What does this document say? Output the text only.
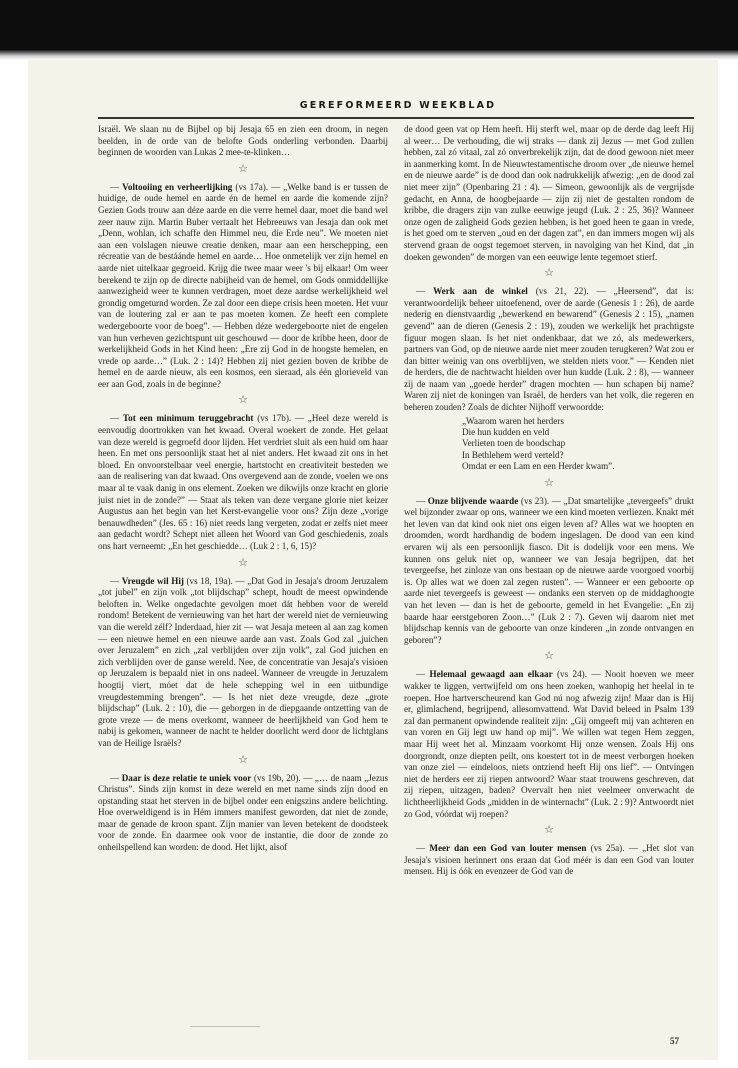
GEREFORMEERD WEEKBLAD

Israël. We slaan nu de Bijbel op bij Jesaja 65 en zien een droom, in negen beelden, in de orde van de belofte Gods onderling verbonden. Daarbij beginnen de woorden van Lukas 2 mee-te-klinken…

☆

— Voltooiing en verheerlijking (vs 17a). — „Welke band is er tussen de huidige, de oude hemel en aarde én de hemel en aarde die komende zijn? Gezien Gods trouw aan déze aarde en die verre hemel daar, moet die band wel zeer nauw zijn. Martin Buber vertaalt het Hebreeuws van Jesaja dan ook met „Denn, wohlan, ich schaffe den Himmel neu, die Erde neu”. We moeten niet aan een volslagen nieuwe creatie denken, maar aan een herschepping, een récreatie van de bestáánde hemel en aarde… Hoe onmetelijk ver zijn hemel en aarde niet uitelkaar gegroeid. Krijg die twee maar weer 's bij elkaar! Om weer berekend te zijn op de directe nabijheid van de hemel, om Gods onmiddellijke aanwezigheid weer te kunnen verdragen, moet deze aardse werkelijkheid wel grondig omgeturnd worden. Ze zal door een diepe crisis heen moeten. Het vuur van de loutering zal er aan te pas moeten komen. Ze heeft een complete wedergeboorte voor de boeg”. — Hebben déze wedergeboorte niet de engelen van hun verheven gezichtspunt uit geschouwd — door de kribbe heen, door de werkelijkheid Gods in het Kind heen: „Ere zij God in de hoogste hemelen, en vrede op aarde…” (Luk. 2 : 14)? Hebben zij niet gezien boven de kribbe de hemel en de aarde nieuw, als een kosmos, een sieraad, als één glorieveld van eer aan God, zoals in de beginne?

☆

— Tot een minimum teruggebracht (vs 17b). — „Heel deze wereld is eenvoudig doortrokken van het kwaad. Overal woekert de zonde. Het gelaat van deze wereld is gegroefd door lijden. Het verdriet sluit als een huid om haar heen. En met ons persoonlijk staat het al niet anders. Het kwaad zit ons in het bloed. En onvoorstelbaar veel energie, hartstocht en creativiteit besteden we aan de realisering van dat kwaad. Ons overgevend aan de zonde, voelen we ons maar al te vaak danig in ons element. Zoeken we dikwijls onze kracht en glorie juist niet in de zonde?” — Staat als teken van deze vergane glorie niet keizer Augustus aan het begin van het Kerst-evangelie voor ons? Zijn deze „vorige benauwdheden” (Jes. 65 : 16) niet reeds lang vergeten, zodat er zelfs niet meer aan gedacht wordt? Schept niet alleen het Woord van God geschiedenis, zoals ons hart verneemt: „En het geschiedde… (Luk 2 : 1, 6, 15)?

☆

— Vreugde wil Hij (vs 18, 19a). — „Dat God in Jesaja's droom Jeruzalem „tot jubel” en zijn volk „tot blijdschap” schept, houdt de meest opwindende beloften in. Welke ongedachte gevolgen moet dát hebben voor de wereld rondom! Betekent de vernieuwing van het hart der wereld niet de vernieuwing van die wereld zélf? Inderdaad, hier zit — wat Jesaja meteen al aan zag komen — een nieuwe hemel en een nieuwe aarde aan vast. Zoals God zal „juichen over Jeruzalem” en zich „zal verblijden over zijn volk”, zal God juichen en zich verblijden over de ganse wereld. Nee, de concentratie van Jesaja's visioen op Jeruzalem is bepaald niet in ons nadeel. Wanneer de vreugde in Jeruzalem hoogtij viert, móet dat de hele schepping wel in een uitbundige vreugdestemming brengen”. — Is het niet deze vreugde, deze „grote blijdschap” (Luk. 2 : 10), die — geborgen in de diepgaande ontzetting van de grote vreze — de mens overkomt, wanneer de heerlijkheid van God hem te nabij is gekomen, wanneer de nacht te helder doorlicht werd door de lichtglans van de Heilige Israëls?

☆

— Daar is deze relatie te uniek voor (vs 19b, 20). — „… de naam „Jezus Christus”. Sinds zijn komst in deze wereld en met name sinds zijn dood en opstanding staat het sterven in de bijbel onder een enigszins andere belichting. Hoe overweldigend is in Hém immers manifest geworden, dat niet de zonde, maar de genade de kroon spant. Zijn manier van leven betekent de doodsteek voor de zonde. En daarmee ook voor de instantie, die door de zonde zo onheilspellend kan worden: de dood. Het lijkt, alsof

de dood geen vat op Hem heeft. Hij sterft wel, maar op de derde dag leeft Hij al weer… De verhouding, die wij straks — dank zij Jezus — met God zullen hebben, zal zó vitaal, zal zó onverbrekelijk zijn, dat de dood gewoon niet meer in aanmerking komt. In de Nieuwtestamentische droom over „de nieuwe hemel en de nieuwe aarde” is de dood dan ook nadrukkelijk afwezig: „en de dood zal niet meer zijn” (Openbaring 21 : 4). — Simeon, gewoonlijk als de vergrijsde gedacht, en Anna, de hoogbejaarde — zijn zij niet de gestalten rondom de kribbe, die dragers zijn van zulke eeuwige jeugd (Luk. 2 : 25, 36)? Wanneer onze ogen de zaligheid Gods gezien hebben, is het goed heen te gaan in vrede, is het goed om te sterven „oud en der dagen zat”, en dan immers mogen wij als stervend graan de oogst tegemoet sterven, in navolging van het Kind, dat „in doeken gewonden” de morgen van een eeuwige lente tegemoet stierf.

☆

— Werk aan de winkel (vs 21, 22). — „Heersend”, dat is: verantwoordelijk beheer uitoefenend, over de aarde (Genesis 1 : 26), de aarde nederig en dienstvaardig „bewerkend en bewarend” (Genesis 2 : 15), „namen gevend” aan de dieren (Genesis 2 : 19), zouden we werkelijk het prachtigste figuur mogen slaan. Is het niet ondenkbaar, dat we zó, als medewerkers, partners van God, op de nieuwe aarde niet meer zouden terugkeren? Wat zou er dan bitter weinig van ons overblijven, we stelden niets voor.” — Kenden niet de herders, die de nachtwacht hielden over hun kudde (Luk. 2 : 8), — wanneer zij de naam van „goede herder” dragen mochten — hun schapen bij name? Waren zij niet de koningen van Israël, de herders van het volk, die regeren en beheren zouden? Zoals de dichter Nijhoff verwoordde:

„Waarom waren het herders
Die hun kudden en veld
Verlieten toen de boodschap
In Bethlehem werd verteld?
Omdat er een Lam en een Herder kwam”.
☆

— Onze blijvende waarde (vs 23). — „Dat smartelijke „tevergeefs” drukt wel bijzonder zwaar op ons, wanneer we een kind moeten verliezen. Knakt mét het leven van dat kind ook niet ons eigen leven af? Alles wat we hoopten en droomden, wordt hardhandig de bodem ingeslagen. De dood van een kind ervaren wij als een persoonlijk fiasco. Dit is dodelijk voor een mens. We kunnen ons geluk niet op, wanneer we van Jesaja begrijpen, dat het tevergeefse, het zinloze van ons bestaan op de nieuwe aarde voorgoed voorbij is. Op alles wat we doen zal zegen rusten”. — Wanneer er een geboorte op aarde niet tevergeefs is geweest — ondanks een sterven op de middaghoogte van het leven — dan is het de geboorte, gemeld in het Evangelie: „En zij baarde haar eerstgeboren Zoon…” (Luk 2 : 7). Geven wij daarom niet met blijdschap kennis van de geboorte van onze kinderen „in zonde ontvangen en geboren”?

☆

— Helemaal gewaagd aan elkaar (vs 24). — Nooit hoeven we meer wakker te liggen, vertwijfeld om ons heen zoeken, wanhopig het heelal in te roepen. Hoe hartverscheurend kan God nú nog afwezig zijn! Maar dan is Hij er, glimlachend, begrijpend, allesomvattend. Wat David beleed in Psalm 139 zal dan permanent opwindende realiteit zijn: „Gij omgeeft mij van achteren en van voren en Gij legt uw hand op mij”. We willen wat tegen Hem zeggen, maar Hij weet het al. Minzaam voorkomt Hij onze wensen. Zoals Hij ons doorgrondt, onze diepten peilt, ons koestert tot in de meest verborgen hoeken van onze ziel — eindeloos, niets ontziend heeft Hij ons lief”. — Ontvingen niet de herders eer zij riepen antwoord? Waar staat trouwens geschreven, dat zij riepen, uitzagen, baden? Overvalt hen niet veelmeer onverwacht de lichtheerlijkheid Gods „midden in de winternacht” (Luk. 2 : 9)? Antwoordt niet zo God, vóórdat wij roepen?

☆

— Meer dan een God van louter mensen (vs 25a). — „Het slot van Jesaja's visioen herinnert ons eraan dat God méér is dan een God van louter mensen. Hij is óók en evenzeer de God van de

57
